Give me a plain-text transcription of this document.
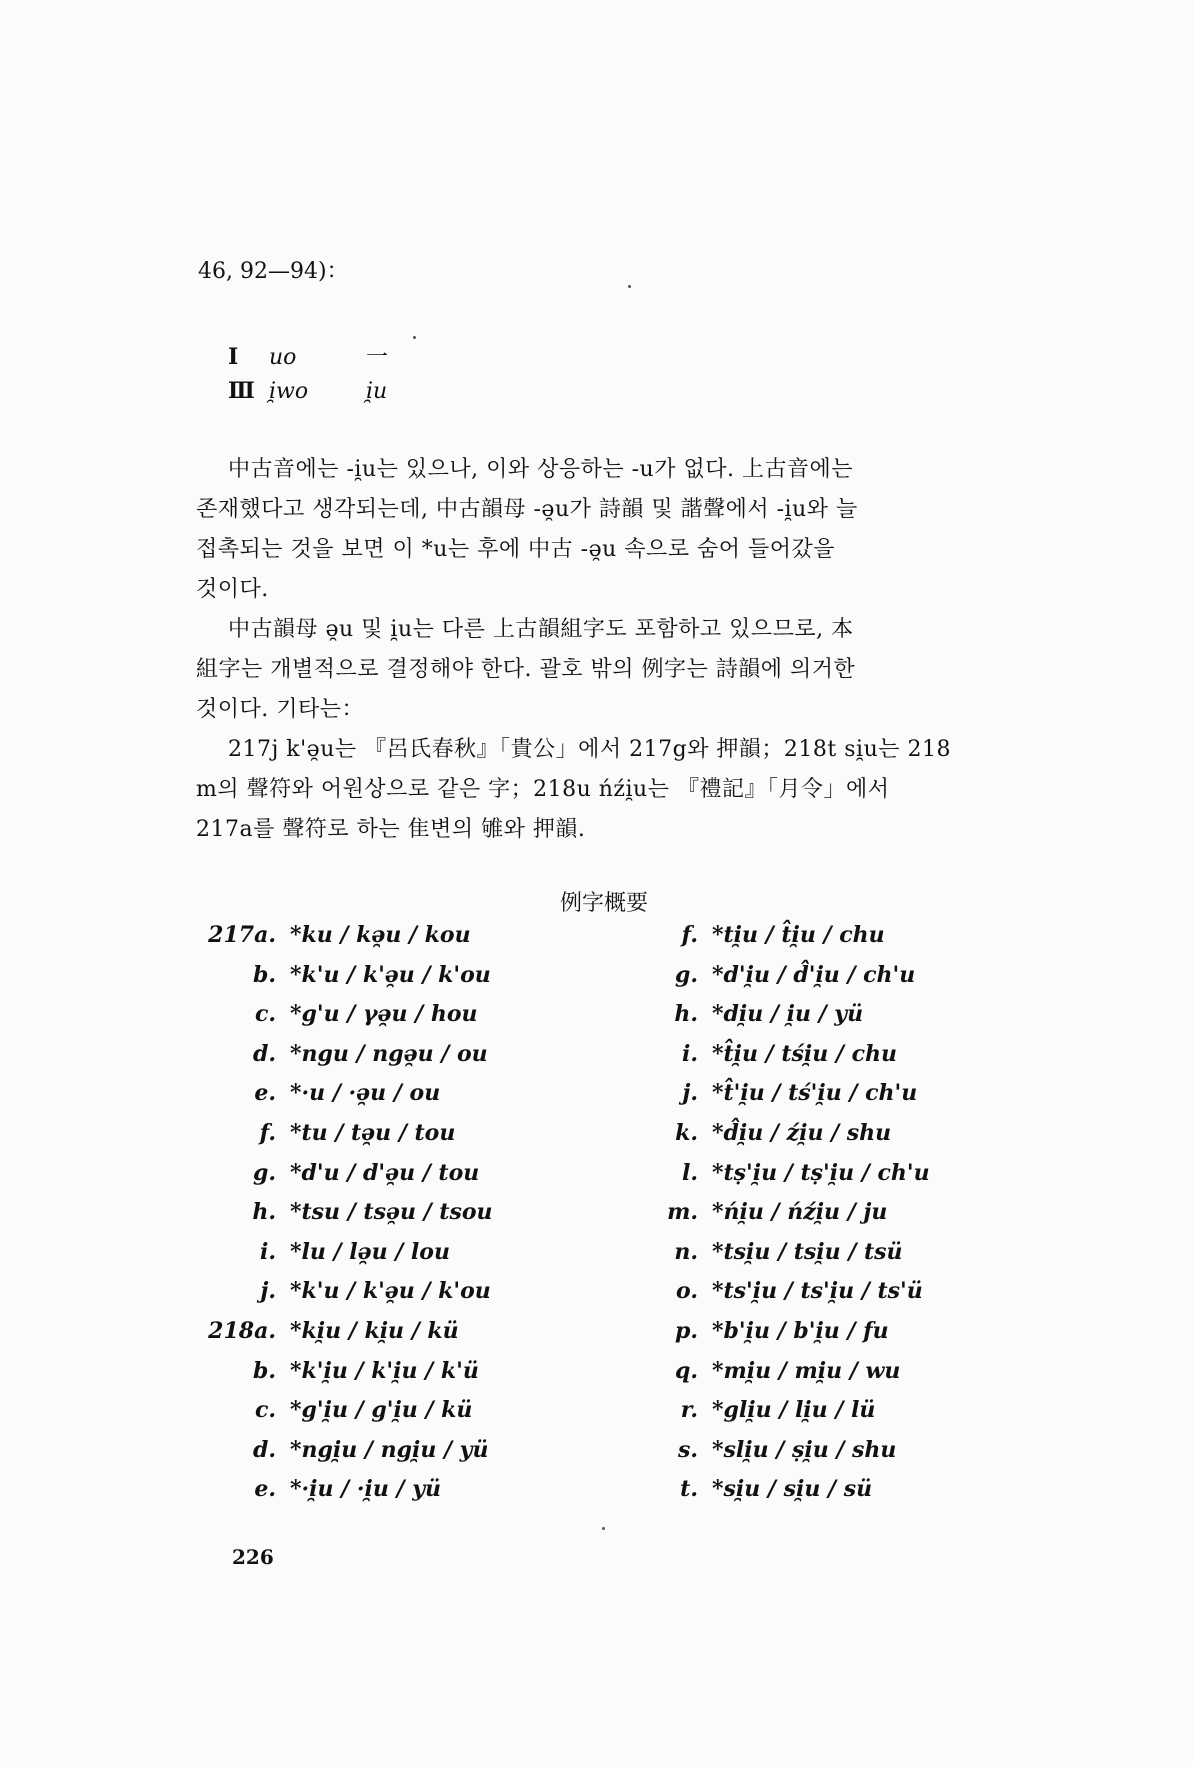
46, 92—94)：
I uo	一
Ⅲ i̯wo	i̯u
中古音에는 -i̯u는 있으나, 이와 상응하는 -u가 없다. 上古音에는
존재했다고 생각되는데, 中古韻母 -ə̯u가 詩韻 및 諧聲에서 -i̯u와 늘
접촉되는 것을 보면 이 *u는 후에 中古 -ə̯u 속으로 숨어 들어갔을
것이다.
中古韻母 ə̯u 및 i̯u는 다른 上古韻組字도 포함하고 있으므로, 本
組字는 개별적으로 결정해야 한다. 괄호 밖의 例字는 詩韻에 의거한
것이다. 기타는：
217j k'ə̯u는 『呂氏春秋』「貴公」에서 217g와 押韻；218t si̯u는 218
m의 聲符와 어원상으로 같은 字；218u ńźi̯u는 『禮記』「月令」에서
217a를 聲符로 하는 隹변의 雊와 押韻.
例字概要
217a. *ku / kə̯u / kou
b. *k'u / k'ə̯u / k'ou
c. *g'u / γə̯u / hou
d. *ngu / ngə̯u / ou
e. *·u / ·ə̯u / ou
f. *tu / tə̯u / tou
g. *d'u / d'ə̯u / tou
h. *tsu / tsə̯u / tsou
i. *lu / lə̯u / lou
j. *k'u / k'ə̯u / k'ou
218a. *ki̯u / ki̯u / kü
b. *k'i̯u / k'i̯u / k'ü
c. *g'i̯u / g'i̯u / kü
d. *ngi̯u / ngi̯u / yü
e. *·i̯u / ·i̯u / yü
f. *ti̯u / t̂i̯u / chu
g. *d'i̯u / d̂'i̯u / ch'u
h. *di̯u / i̯u / yü
i. *t̂i̯u / tśi̯u / chu
j. *t̂'i̯u / tś'i̯u / ch'u
k. *d̂i̯u / źi̯u / shu
l. *tṣ'i̯u / tṣ'i̯u / ch'u
m. *ńi̯u / ńźi̯u / ju
n. *tsi̯u / tsi̯u / tsü
o. *ts'i̯u / ts'i̯u / ts'ü
p. *b'i̯u / b'i̯u / fu
q. *mi̯u / mi̯u / wu
r. *gli̯u / li̯u / lü
s. *sli̯u / ṣi̯u / shu
t. *si̯u / si̯u / sü
226
